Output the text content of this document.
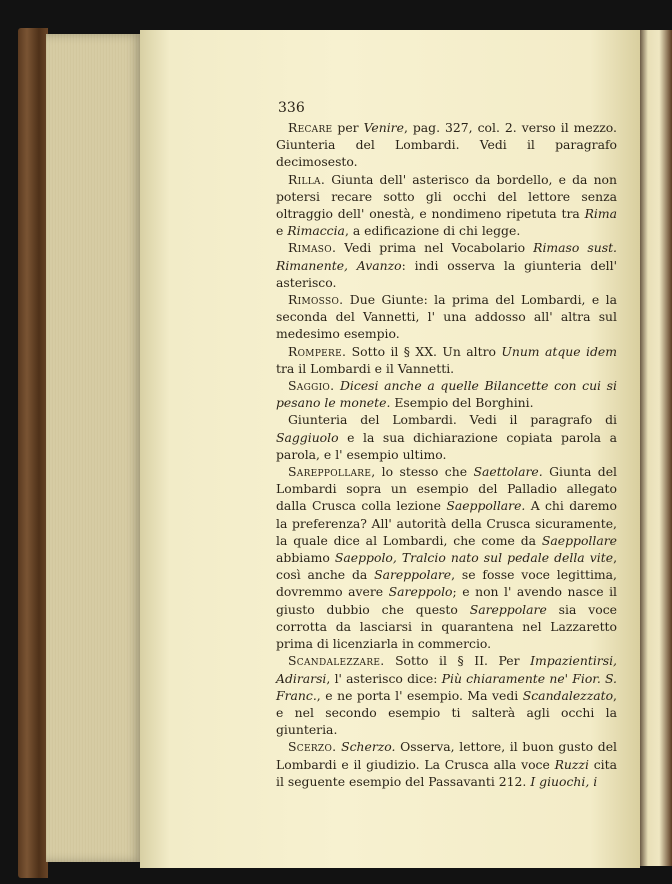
336

Recare per Venire, pag. 327, col. 2. verso il mezzo. Giunteria del Lombardi. Vedi il paragrafo decimosesto.

Rilla. Giunta dell' asterisco da bordello, e da non potersi recare sotto gli occhi del lettore senza oltraggio dell' onestà, e nondimeno ripetuta tra Rima e Rimaccia, a edificazione di chi legge.

Rimaso. Vedi prima nel Vocabolario Rimaso sust. Rimanente, Avanzo: indi osserva la giunteria dell' asterisco.

Rimosso. Due Giunte: la prima del Lombardi, e la seconda del Vannetti, l' una addosso all' altra sul medesimo esempio.

Rompere. Sotto il § XX. Un altro Unum atque idem tra il Lombardi e il Vannetti.

Saggio. Dicesi anche a quelle Bilancette con cui si pesano le monete. Esempio del Borghini.

Giunteria del Lombardi. Vedi il paragrafo di Saggiuolo e la sua dichiarazione copiata parola a parola, e l' esempio ultimo.

Sareppollare, lo stesso che Saettolare. Giunta del Lombardi sopra un esempio del Palladio allegato dalla Crusca colla lezione Saeppollare. A chi daremo la preferenza? All' autorità della Crusca sicuramente, la quale dice al Lombardi, che come da Saeppollare abbiamo Saeppolo, Tralcio nato sul pedale della vite, così anche da Sareppolare, se fosse voce legittima, dovremmo avere Sareppolo; e non l' avendo nasce il giusto dubbio che questo Sareppolare sia voce corrotta da lasciarsi in quarantena nel Lazzaretto prima di licenziarla in commercio.

Scandalezzare. Sotto il § II. Per Impazientirsi, Adirarsi, l' asterisco dice: Più chiaramente ne' Fior. S. Franc., e ne porta l' esempio. Ma vedi Scandalezzato, e nel secondo esempio ti salterà agli occhi la giunteria.

Scerzo. Scherzo. Osserva, lettore, il buon gusto del Lombardi e il giudizio. La Crusca alla voce Ruzzi cita il seguente esempio del Passavanti 212. I giuochi, i
